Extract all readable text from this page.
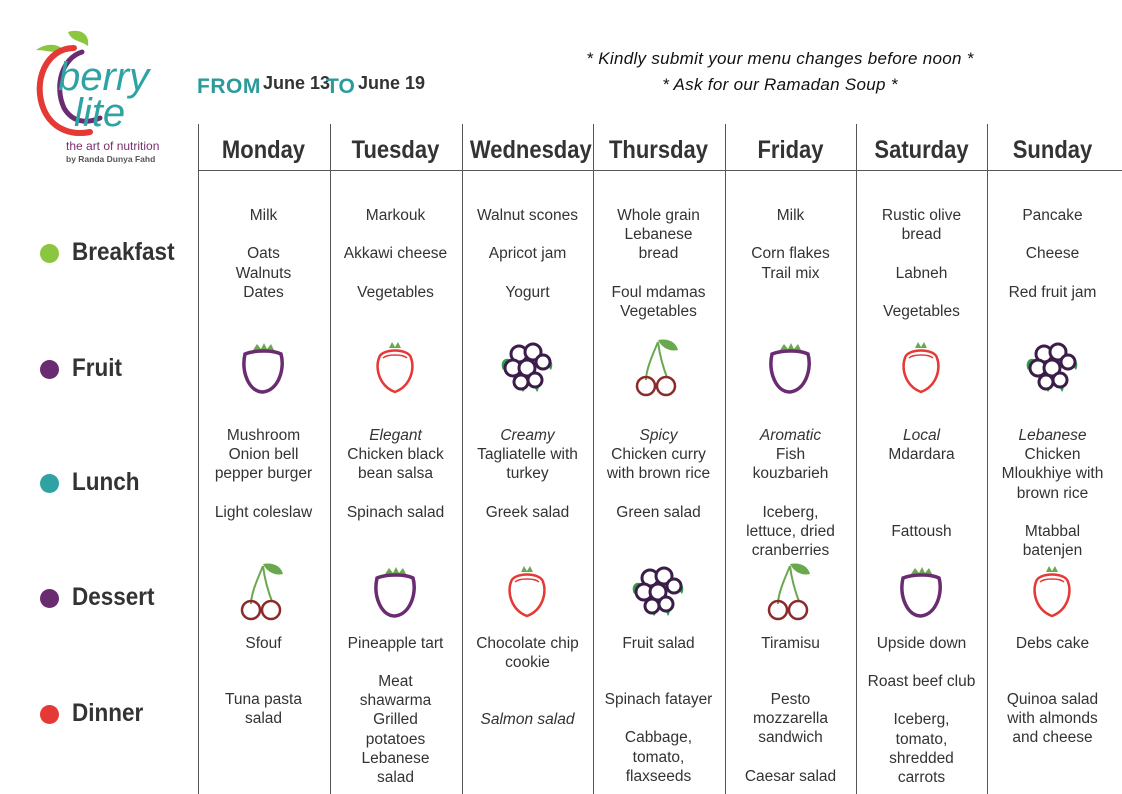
berry
lite
the art of nutrition
by Randa Dunya Fahd
FROM June 13
TO June 19
* Kindly submit your menu changes before noon *
* Ask for our Ramadan Soup *
Breakfast
Fruit
Lunch
Dessert
Dinner
Monday
Milk

Oats
Walnuts
Dates
Mushroom
Onion bell
pepper burger

Light coleslaw
Sfouf
Tuna pasta
salad
Tuesday
Markouk

Akkawi cheese

Vegetables
Elegant
Chicken black
bean salsa

Spinach salad
Pineapple tart
Meat
shawarma
Grilled
potatoes
Lebanese
salad
Wednesday
Walnut scones

Apricot jam

Yogurt
Creamy
Tagliatelle with
turkey

Greek salad
Chocolate chip cookie
Salmon salad
Thursday
Whole grain
Lebanese
bread

Foul mdamas
Vegetables
Spicy
Chicken curry
with brown rice

Green salad
Fruit salad
Spinach fatayer

Cabbage,
tomato,
flaxseeds
Friday
Milk

Corn flakes
Trail mix
Aromatic
Fish
kouzbarieh

Iceberg,
lettuce, dried
cranberries
Tiramisu
Pesto
mozzarella
sandwich

Caesar salad
Saturday
Rustic olive
bread

Labneh

Vegetables
Local
Mdardara

Fattoush
Upside down
Roast beef club

Iceberg,
tomato,
shredded
carrots
Sunday
Pancake

Cheese

Red fruit jam
Lebanese
Chicken
Mloukhiye with
brown rice

Mtabbal
batenjen
Debs cake
Quinoa salad
with almonds
and cheese
